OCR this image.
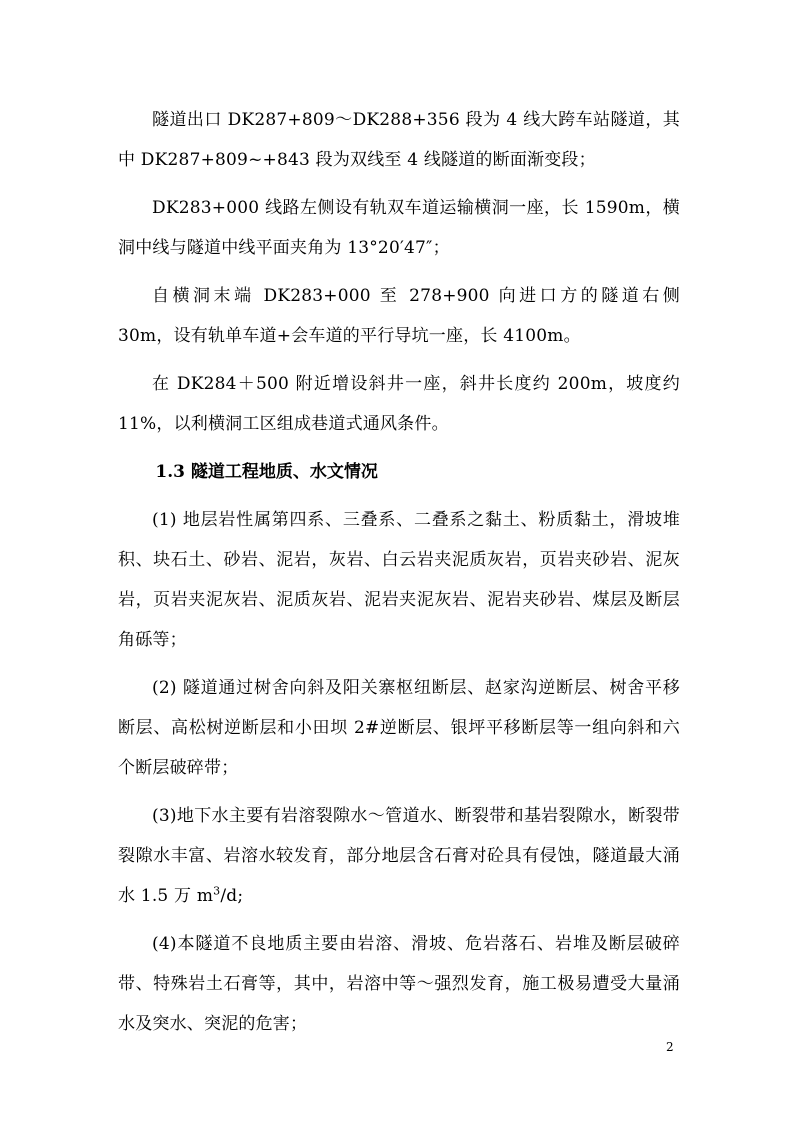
隧道出口 DK287+809～DK288+356 段为 4 线大跨车站隧道，其中 DK287+809~+843 段为双线至 4 线隧道的断面渐变段；

DK283+000 线路左侧设有轨双车道运输横洞一座，长 1590m，横洞中线与隧道中线平面夹角为 13°20′47″；

自横洞末端 DK283+000 至 278+900 向进口方的隧道右侧 30m，设有轨单车道+会车道的平行导坑一座，长 4100m。

在 DK284＋500 附近增设斜井一座，斜井长度约 200m，坡度约 11%，以利横洞工区组成巷道式通风条件。

1.3 隧道工程地质、水文情况

(1) 地层岩性属第四系、三叠系、二叠系之黏土、粉质黏土，滑坡堆积、块石土、砂岩、泥岩，灰岩、白云岩夹泥质灰岩，页岩夹砂岩、泥灰岩，页岩夹泥灰岩、泥质灰岩、泥岩夹泥灰岩、泥岩夹砂岩、煤层及断层角砾等；

(2) 隧道通过树舍向斜及阳关寨枢纽断层、赵家沟逆断层、树舍平移断层、高松树逆断层和小田坝 2#逆断层、银坪平移断层等一组向斜和六个断层破碎带；

(3)地下水主要有岩溶裂隙水～管道水、断裂带和基岩裂隙水，断裂带裂隙水丰富、岩溶水较发育，部分地层含石膏对砼具有侵蚀，隧道最大涌水 1.5 万 $m^3/d$;

(4)本隧道不良地质主要由岩溶、滑坡、危岩落石、岩堆及断层破碎带、特殊岩土石膏等，其中，岩溶中等～强烈发育，施工极易遭受大量涌水及突水、突泥的危害；

2
